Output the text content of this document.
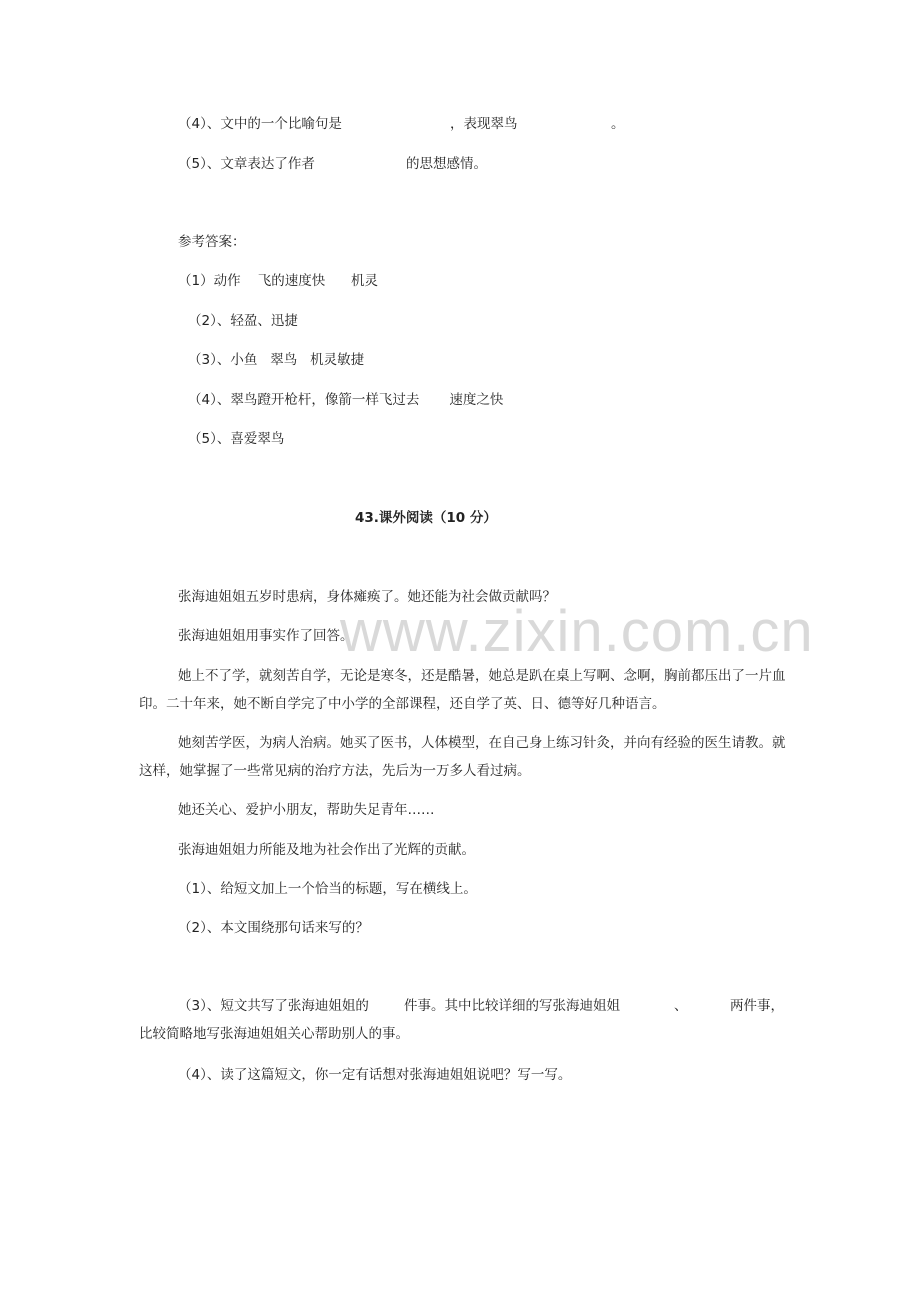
www.zixin.com.cn
（4）、文中的一个比喻句是	，表现翠鸟	。
（5）、文章表达了作者	的思想感情。
参考答案：
（1）动作    飞的速度快      机灵
（2）、轻盈、迅捷
（3）、小鱼   翠鸟   机灵敏捷
（4）、翠鸟蹬开枪杆，像箭一样飞过去       速度之快
（5）、喜爱翠鸟
43.课外阅读（10 分）
张海迪姐姐五岁时患病，身体瘫痪了。她还能为社会做贡献吗？
张海迪姐姐用事实作了回答。
她上不了学，就刻苦自学，无论是寒冬，还是酷暑，她总是趴在桌上写啊、念啊，胸前都压出了一片血印。二十年来，她不断自学完了中小学的全部课程，还自学了英、日、德等好几种语言。
她刻苦学医，为病人治病。她买了医书，人体模型，在自己身上练习针灸，并向有经验的医生请教。就这样，她掌握了一些常见病的治疗方法，先后为一万多人看过病。
她还关心、爱护小朋友，帮助失足青年……
张海迪姐姐力所能及地为社会作出了光辉的贡献。
（1）、给短文加上一个恰当的标题，写在横线上。
（2）、本文围绕那句话来写的？
（3）、短文共写了张海迪姐姐的	件事。其中比较详细的写张海迪姐姐	、	两件事，
比较简略地写张海迪姐姐关心帮助别人的事。
（4）、读了这篇短文，你一定有话想对张海迪姐姐说吧？写一写。
